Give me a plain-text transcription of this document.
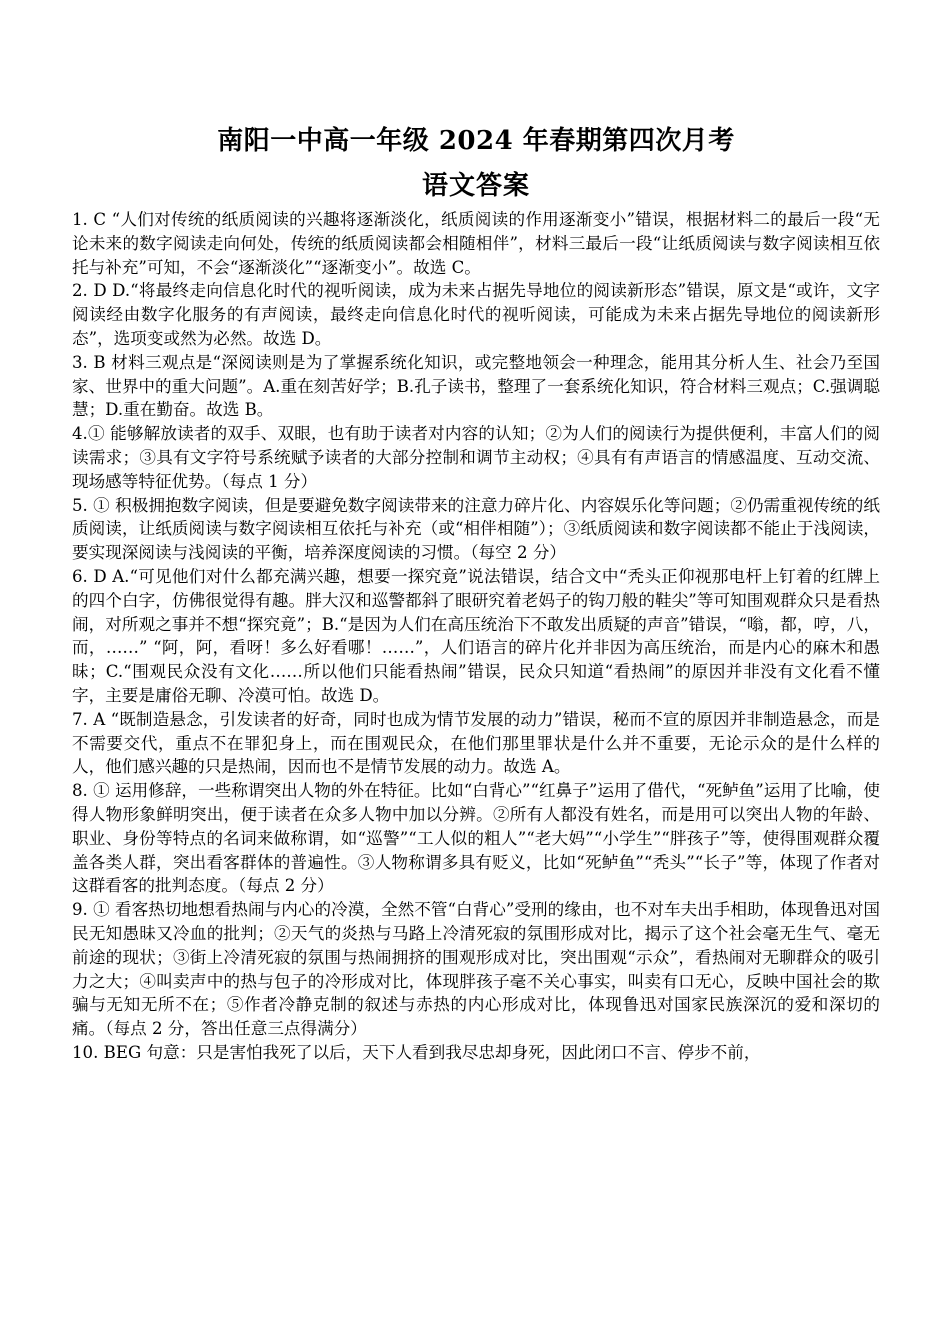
南阳一中高一年级 2024 年春期第四次月考
语文答案

1. C “人们对传统的纸质阅读的兴趣将逐渐淡化，纸质阅读的作用逐渐变小”错误，根据材料二的最后一段“无论未来的数字阅读走向何处，传统的纸质阅读都会相随相伴”，材料三最后一段“让纸质阅读与数字阅读相互依托与补充”可知，不会“逐渐淡化”“逐渐变小”。故选 C。

2. D D.“将最终走向信息化时代的视听阅读，成为未来占据先导地位的阅读新形态”错误，原文是“或许，文字阅读经由数字化服务的有声阅读，最终走向信息化时代的视听阅读，可能成为未来占据先导地位的阅读新形态”，选项变或然为必然。故选 D。

3. B 材料三观点是“深阅读则是为了掌握系统化知识，或完整地领会一种理念，能用其分析人生、社会乃至国家、世界中的重大问题”。A.重在刻苦好学；B.孔子读书，整理了一套系统化知识，符合材料三观点；C.强调聪慧；D.重在勤奋。故选 B。

4.① 能够解放读者的双手、双眼，也有助于读者对内容的认知；②为人们的阅读行为提供便利，丰富人们的阅读需求；③具有文字符号系统赋予读者的大部分控制和调节主动权；④具有有声语言的情感温度、互动交流、现场感等特征优势。（每点 1 分）

5. ① 积极拥抱数字阅读，但是要避免数字阅读带来的注意力碎片化、内容娱乐化等问题；②仍需重视传统的纸质阅读，让纸质阅读与数字阅读相互依托与补充（或“相伴相随”）；③纸质阅读和数字阅读都不能止于浅阅读，要实现深阅读与浅阅读的平衡，培养深度阅读的习惯。（每空 2 分）

6. D A.“可见他们对什么都充满兴趣，想要一探究竟”说法错误，结合文中“秃头正仰视那电杆上钉着的红牌上的四个白字，仿佛很觉得有趣。胖大汉和巡警都斜了眼研究着老妈子的钩刀般的鞋尖”等可知围观群众只是看热闹，对所观之事并不想“探究竟”；B.“是因为人们在高压统治下不敢发出质疑的声音”错误，“嗡，都，哼，八，而，……” “阿，阿，看呀！多么好看哪！……”，人们语言的碎片化并非因为高压统治，而是内心的麻木和愚昧；C.“围观民众没有文化……所以他们只能看热闹”错误，民众只知道“看热闹”的原因并非没有文化看不懂字，主要是庸俗无聊、冷漠可怕。故选 D。

7. A “既制造悬念，引发读者的好奇，同时也成为情节发展的动力”错误，秘而不宣的原因并非制造悬念，而是不需要交代，重点不在罪犯身上，而在围观民众，在他们那里罪状是什么并不重要，无论示众的是什么样的人，他们感兴趣的只是热闹，因而也不是情节发展的动力。故选 A。

8. ① 运用修辞，一些称谓突出人物的外在特征。比如“白背心”“红鼻子”运用了借代，“死鲈鱼”运用了比喻，使得人物形象鲜明突出，便于读者在众多人物中加以分辨。②所有人都没有姓名，而是用可以突出人物的年龄、职业、身份等特点的名词来做称谓，如“巡警”“工人似的粗人”“老大妈”“小学生”“胖孩子”等，使得围观群众覆盖各类人群，突出看客群体的普遍性。③人物称谓多具有贬义，比如“死鲈鱼”“秃头”“长子”等，体现了作者对这群看客的批判态度。（每点 2 分）

9. ① 看客热切地想看热闹与内心的冷漠，全然不管“白背心”受刑的缘由，也不对车夫出手相助，体现鲁迅对国民无知愚昧又冷血的批判；②天气的炎热与马路上冷清死寂的氛围形成对比，揭示了这个社会毫无生气、毫无前途的现状；③街上冷清死寂的氛围与热闹拥挤的围观形成对比，突出围观“示众”，看热闹对无聊群众的吸引力之大；④叫卖声中的热与包子的冷形成对比，体现胖孩子毫不关心事实，叫卖有口无心，反映中国社会的欺骗与无知无所不在；⑤作者冷静克制的叙述与赤热的内心形成对比，体现鲁迅对国家民族深沉的爱和深切的痛。（每点 2 分，答出任意三点得满分）

10. BEG 句意：只是害怕我死了以后，天下人看到我尽忠却身死，因此闭口不言、停步不前，
